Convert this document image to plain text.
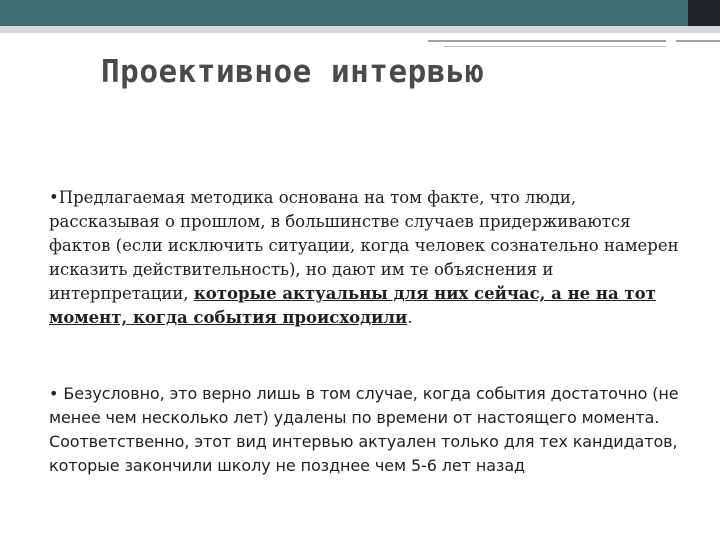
Проективное интервью

•Предлагаемая методика основана на том факте, что люди, рассказывая о прошлом, в большинстве случаев придерживаются фактов (если исключить ситуации, когда человек сознательно намерен исказить действительность), но дают им те объяснения и интерпретации, которые актуальны для них сейчас, а не на тот момент, когда события происходили.

• Безусловно, это верно лишь в том случае, когда события достаточно (не менее чем несколько лет) удалены по времени от настоящего момента. Соответственно, этот вид интервью актуален только для тех кандидатов, которые закончили школу не позднее чем 5-6 лет назад
